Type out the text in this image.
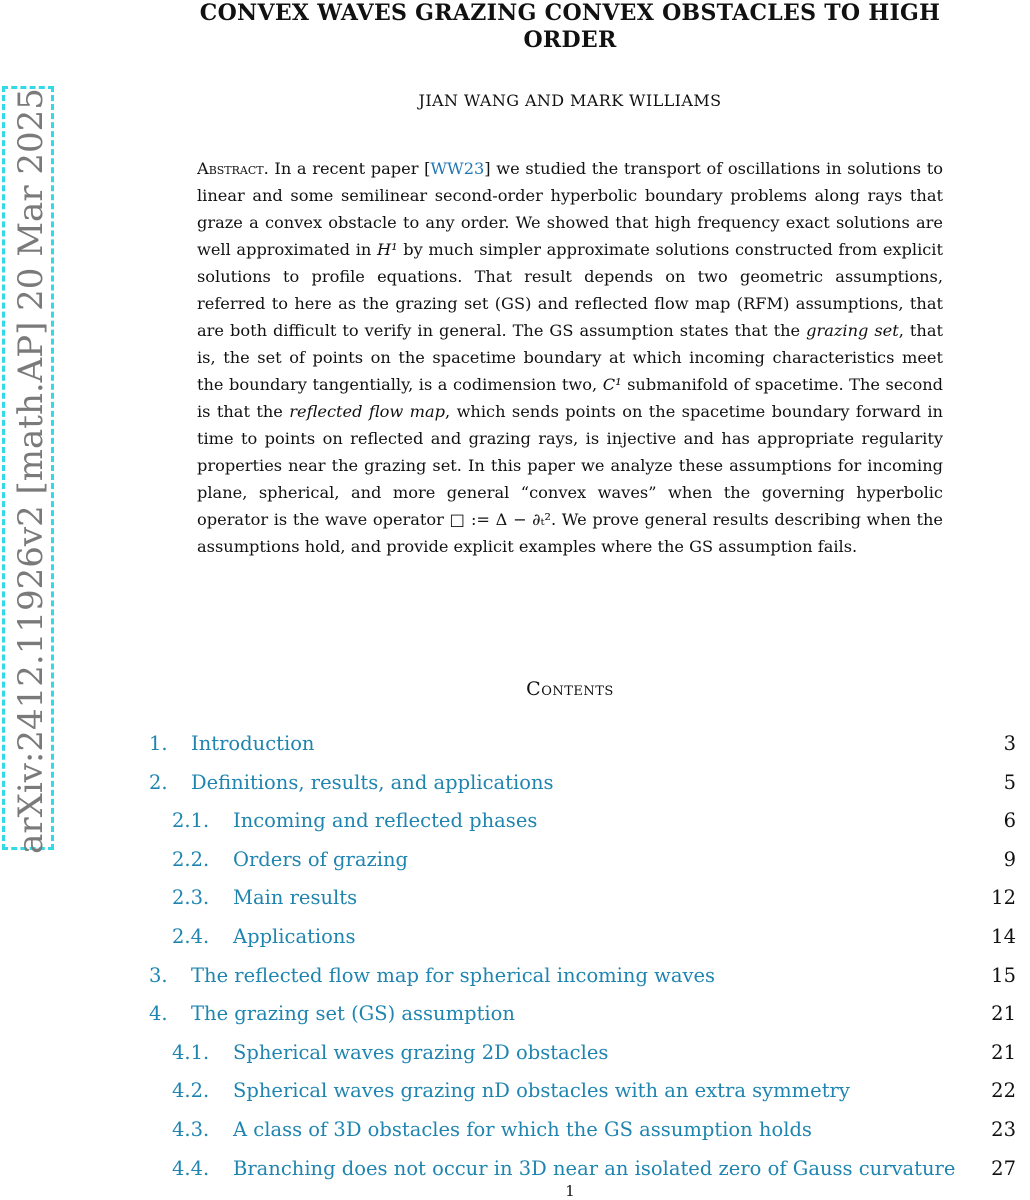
arXiv:2412.11926v2 [math.AP] 20 Mar 2025
CONVEX WAVES GRAZING CONVEX OBSTACLES TO HIGH
ORDER
JIAN WANG AND MARK WILLIAMS
Abstract. In a recent paper [WW23] we studied the transport of oscillations in solutions to linear and some semilinear second-order hyperbolic boundary problems along rays that graze a convex obstacle to any order. We showed that high frequency exact solutions are well approximated in H¹ by much simpler approximate solutions constructed from explicit solutions to profile equations. That result depends on two geometric assumptions, referred to here as the grazing set (GS) and reflected flow map (RFM) assumptions, that are both difficult to verify in general. The GS assumption states that the grazing set, that is, the set of points on the spacetime boundary at which incoming characteristics meet the boundary tangentially, is a codimension two, C¹ submanifold of spacetime. The second is that the reflected flow map, which sends points on the spacetime boundary forward in time to points on reflected and grazing rays, is injective and has appropriate regularity properties near the grazing set. In this paper we analyze these assumptions for incoming plane, spherical, and more general “convex waves” when the governing hyperbolic operator is the wave operator □ := Δ − ∂ₜ². We prove general results describing when the assumptions hold, and provide explicit examples where the GS assumption fails.
Contents
1. Introduction	3
2. Definitions, results, and applications	5
2.1. Incoming and reflected phases	6
2.2. Orders of grazing	9
2.3. Main results	12
2.4. Applications	14
3. The reflected flow map for spherical incoming waves	15
4. The grazing set (GS) assumption	21
4.1. Spherical waves grazing 2D obstacles	21
4.2. Spherical waves grazing nD obstacles with an extra symmetry	22
4.3. A class of 3D obstacles for which the GS assumption holds	23
4.4. Branching does not occur in 3D near an isolated zero of Gauss curvature 27
1
